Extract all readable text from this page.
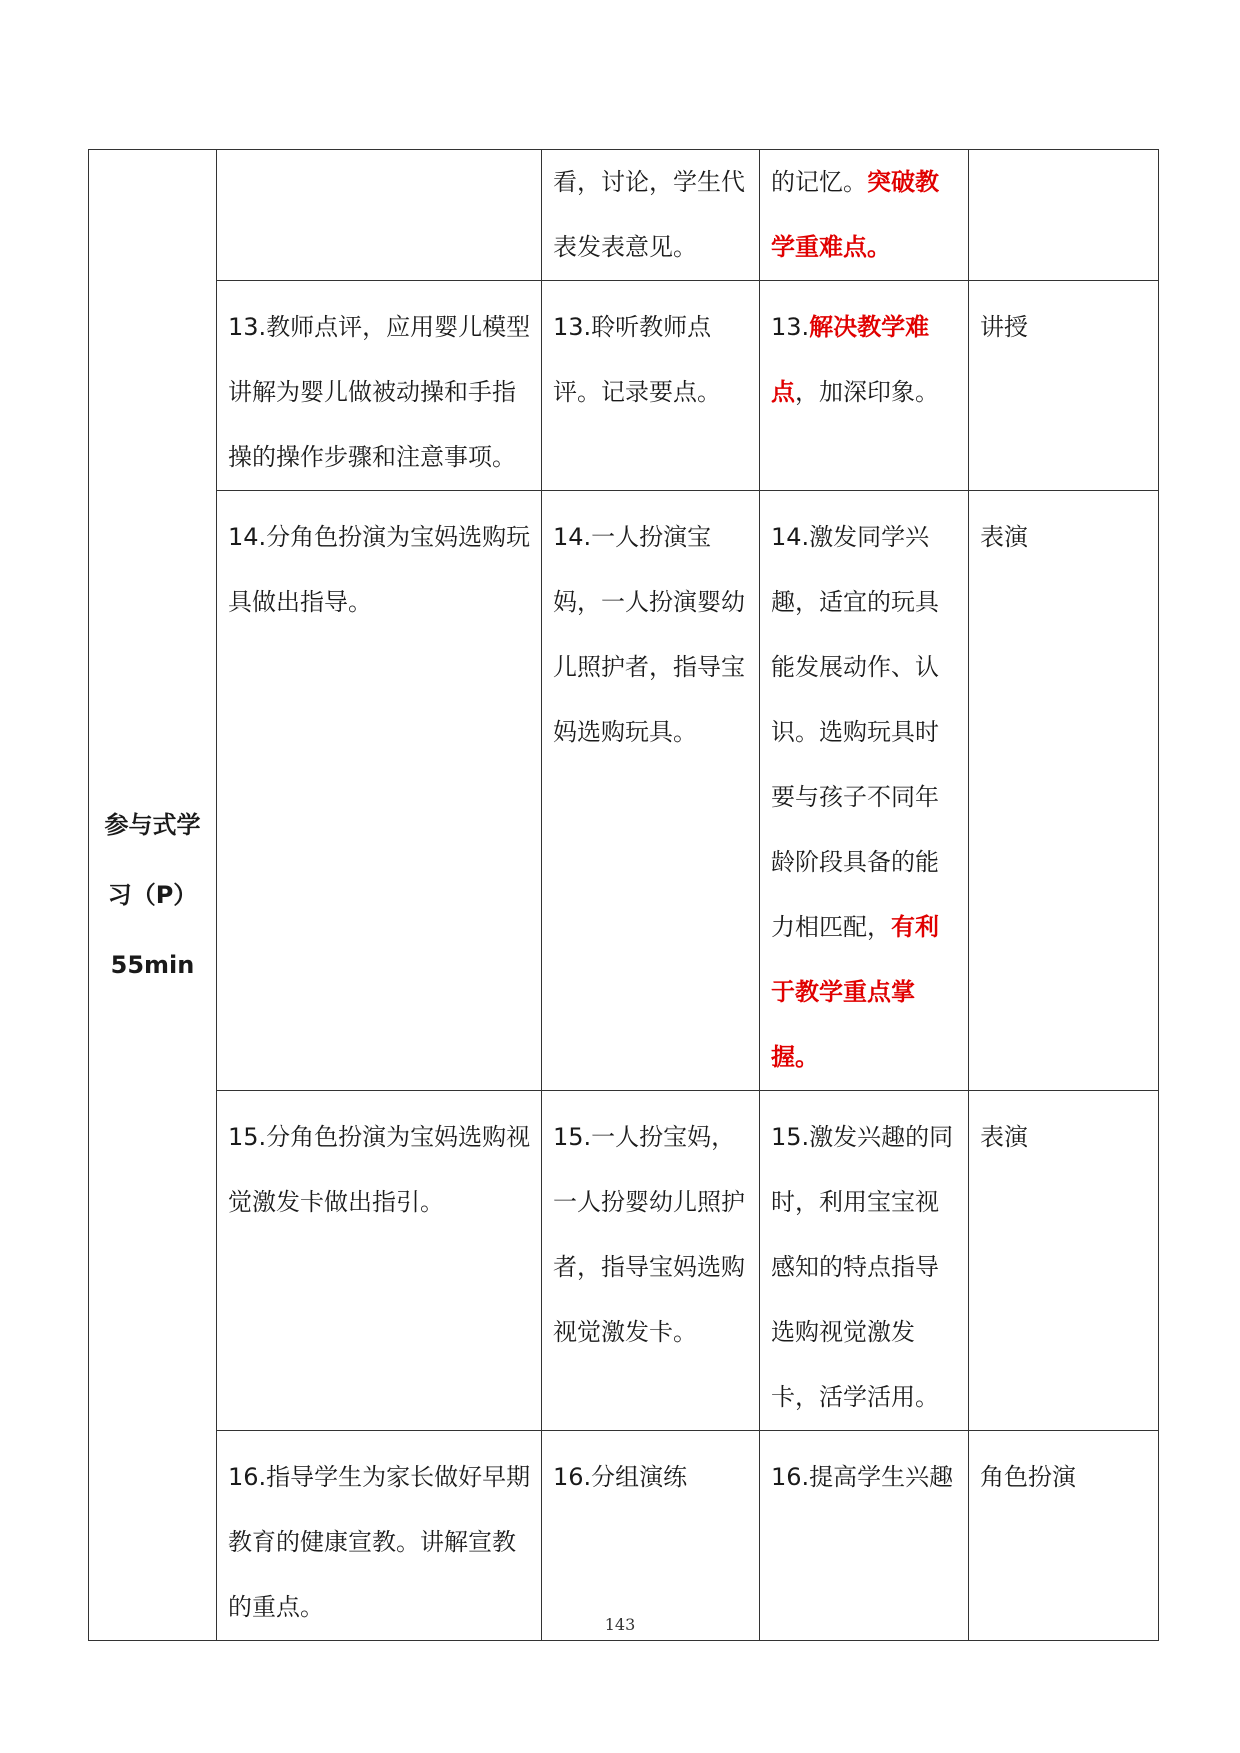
参与式学
习（P）
55min		看，讨论，学生代表发表意见。	的记忆。突破教学重难点。	
	13.教师点评，应用婴儿模型讲解为婴儿做被动操和手指操的操作步骤和注意事项。	13.聆听教师点评。记录要点。	13.解决教学难点，加深印象。	讲授
	14.分角色扮演为宝妈选购玩具做出指导。	14.一人扮演宝妈，一人扮演婴幼儿照护者，指导宝妈选购玩具。	14.激发同学兴趣，适宜的玩具能发展动作、认识。选购玩具时要与孩子不同年龄阶段具备的能力相匹配，有利于教学重点掌握。	表演
	15.分角色扮演为宝妈选购视觉激发卡做出指引。	15.一人扮宝妈，一人扮婴幼儿照护者，指导宝妈选购视觉激发卡。	15.激发兴趣的同时，利用宝宝视感知的特点指导选购视觉激发卡，活学活用。	表演
	16.指导学生为家长做好早期教育的健康宣教。讲解宣教的重点。	16.分组演练	16.提高学生兴趣	角色扮演
143
